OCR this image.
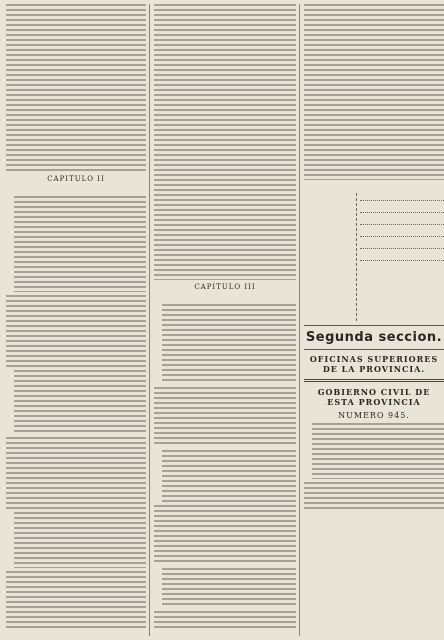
CAPITULO II
CAPITULO III
Segunda seccion.
OFICINAS SUPERIORES DE LA PROVINCIA.
GOBIERNO CIVIL DE ESTA PROVINCIA
NUMERO 945.
